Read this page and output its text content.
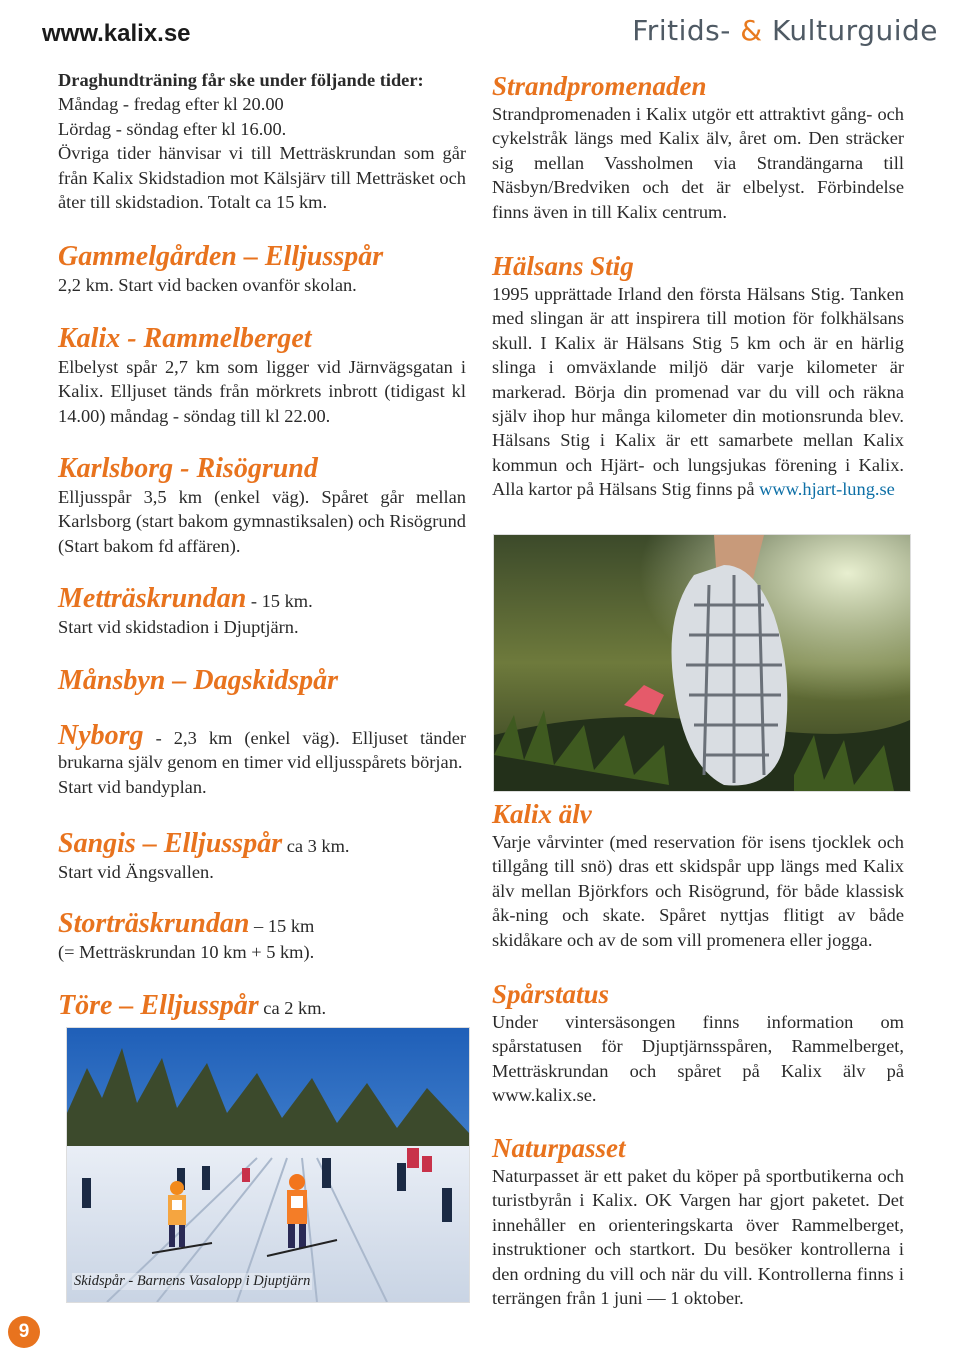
www.kalix.se	Fritids- & Kulturguide

Draghundträning får ske under följande tider:

Måndag - fredag efter kl 20.00

Lördag - söndag efter kl 16.00.

Övriga tider hänvisar vi till Metträskrundan som går från Kalix Skidstadion mot Kälsjärv till Metträsket och åter till skidstadion. Totalt ca 15 km.

Gammelgården – Elljusspår
2,2 km. Start vid backen ovanför skolan.
Kalix - Rammelberget
Elbelyst spår 2,7 km som ligger vid Järnvägsgatan i Kalix. Elljuset tänds från mörkrets inbrott (tidigast kl 14.00) måndag - söndag till kl 22.00.
Karlsborg - Risögrund
Elljusspår 3,5 km (enkel väg). Spåret går mellan Karlsborg (start bakom gymnastiksalen) och Risögrund (Start bakom fd affären).
Metträskrundan - 15 km.
Start vid skidstadion i Djuptjärn.
Månsbyn – Dagskidspår

Nyborg - 2,3 km (enkel väg). Elljuset tänder brukarna själv genom en timer vid elljusspårets början.

Start vid bandyplan.

Sangis – Elljusspår ca 3 km.
Start vid Ängsvallen.
Storträskrundan – 15 km
(= Metträskrundan 10 km + 5 km).
Töre – Elljusspår ca 2 km.
Skidspår - Barnens Vasalopp i Djuptjärn
Strandpromenaden
Strandpromenaden i Kalix utgör ett attraktivt gång- och cykelstråk längs med Kalix älv, året om. Den sträcker sig mellan Vassholmen via Strandängarna till Näsbyn/Bredviken och det är elbelyst. Förbindelse finns även in till Kalix centrum.
Hälsans Stig
1995 upprättade Irland den första Hälsans Stig. Tanken med slingan är att inspirera till motion för folkhälsans skull. I Kalix är Hälsans Stig 5 km och är en härlig slinga i omväxlande miljö där varje kilometer är markerad. Börja din promenad var du vill och räkna själv ihop hur många kilometer din motionsrunda blev. Hälsans Stig i Kalix är ett samarbete mellan Kalix kommun och Hjärt- och lungsjukas förening i Kalix. Alla kartor på Hälsans Stig finns på www.hjart-lung.se
Kalix älv
Varje vårvinter (med reservation för isens tjocklek och tillgång till snö) dras ett skidspår upp längs med Kalix älv mellan Björkfors och Risögrund, för både klassisk åk-ning och skate. Spåret nyttjas flitigt av både skidåkare och av de som vill promenera eller jogga.
Spårstatus
Under vintersäsongen finns information om spårstatusen för Djuptjärnsspåren, Rammelberget, Metträskrundan och spåret på Kalix älv på www.kalix.se.
Naturpasset
Naturpasset är ett paket du köper på sportbutikerna och turistbyrån i Kalix. OK Vargen har gjort paketet. Det innehåller en orienteringskarta över Rammelberget, instruktioner och startkort. Du besöker kontrollerna i den ordning du vill och när du vill. Kontrollerna finns i terrängen från 1 juni — 1 oktober.
9
